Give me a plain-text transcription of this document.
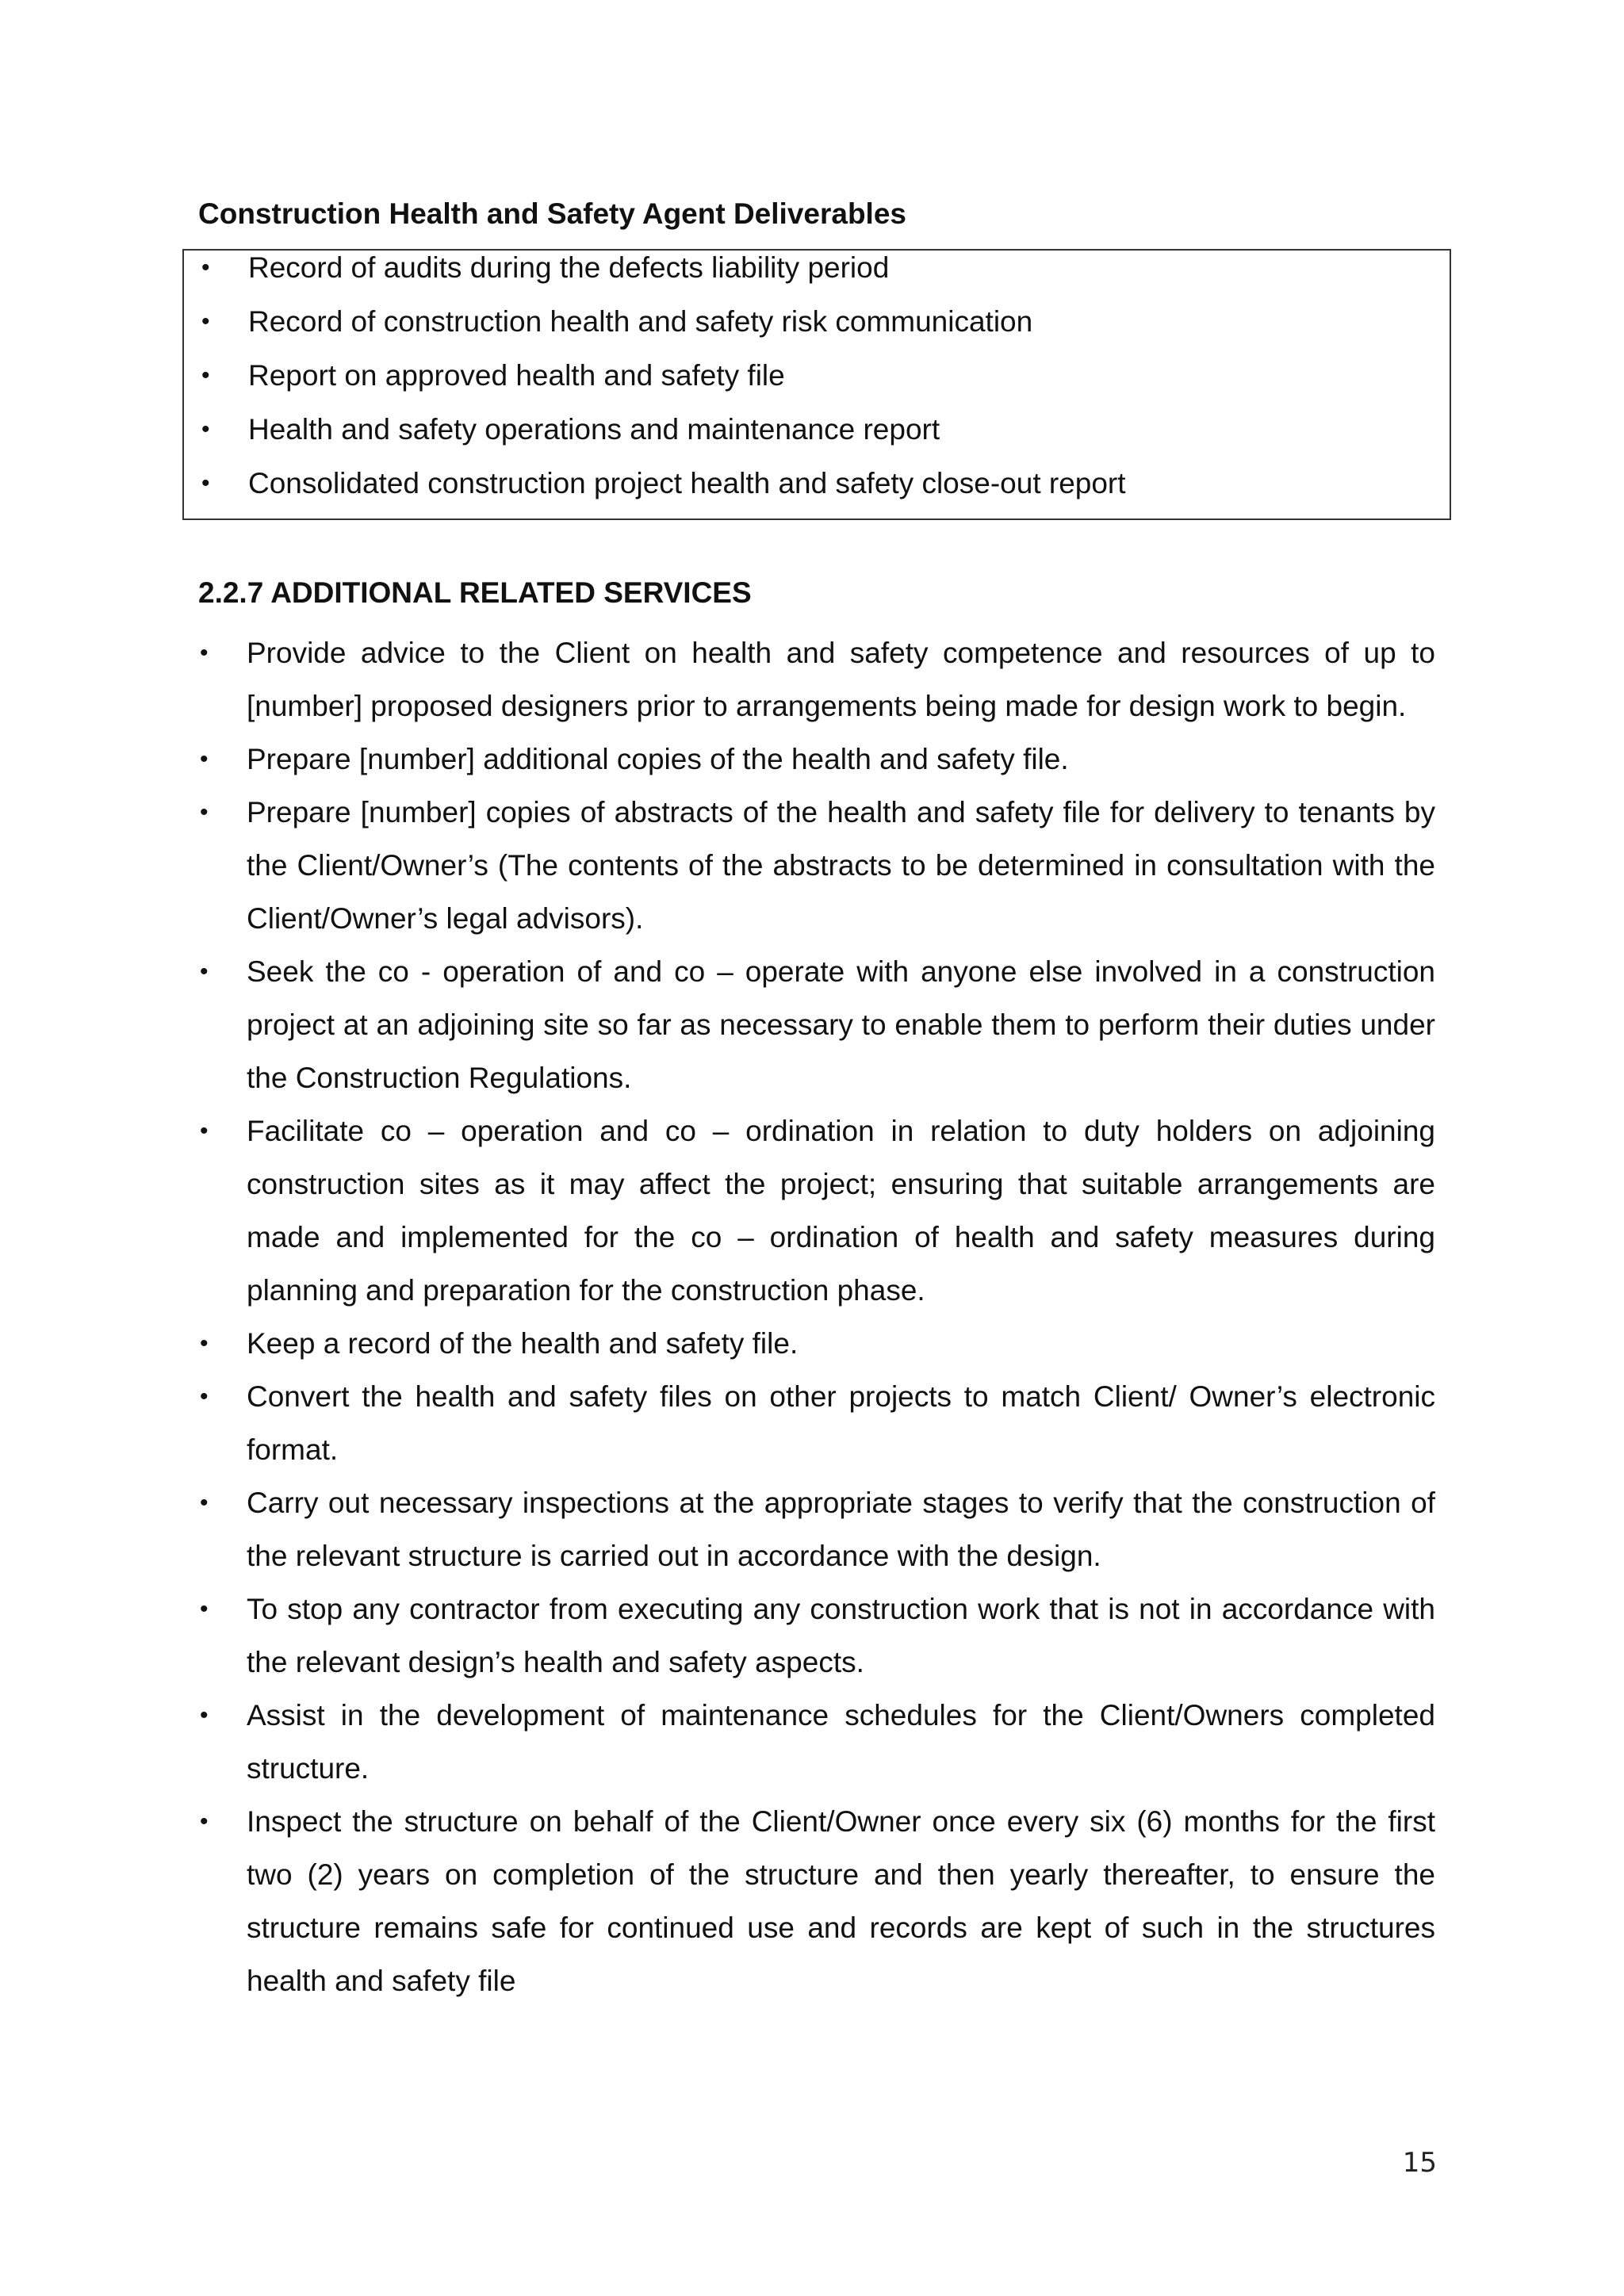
Construction Health and Safety Agent Deliverables
• Record of audits during the defects liability period
• Record of construction health and safety risk communication
• Report on approved health and safety file
• Health and safety operations and maintenance report
• Consolidated construction project health and safety close-out report
2.2.7 ADDITIONAL RELATED SERVICES
• Provide advice to the Client on health and safety competence and resources of up to [number] proposed designers prior to arrangements being made for design work to begin.
• Prepare [number] additional copies of the health and safety file.
• Prepare [number] copies of abstracts of the health and safety file for delivery to tenants by the Client/Owner’s (The contents of the abstracts to be determined in consultation with the Client/Owner’s legal advisors).
• Seek the co - operation of and co – operate with anyone else involved in a construction project at an adjoining site so far as necessary to enable them to perform their duties under the Construction Regulations.
• Facilitate co – operation and co – ordination in relation to duty holders on adjoining construction sites as it may affect the project; ensuring that suitable arrangements are made and implemented for the co – ordination of health and safety measures during planning and preparation for the construction phase.
• Keep a record of the health and safety file.
• Convert the health and safety files on other projects to match Client/ Owner’s electronic format.
• Carry out necessary inspections at the appropriate stages to verify that the construction of the relevant structure is carried out in accordance with the design.
• To stop any contractor from executing any construction work that is not in accordance with the relevant design’s health and safety aspects.
• Assist in the development of maintenance schedules for the Client/Owners completed structure.
• Inspect the structure on behalf of the Client/Owner once every six (6) months for the first two (2) years on completion of the structure and then yearly thereafter, to ensure the structure remains safe for continued use and records are kept of such in the structures health and safety file
15
